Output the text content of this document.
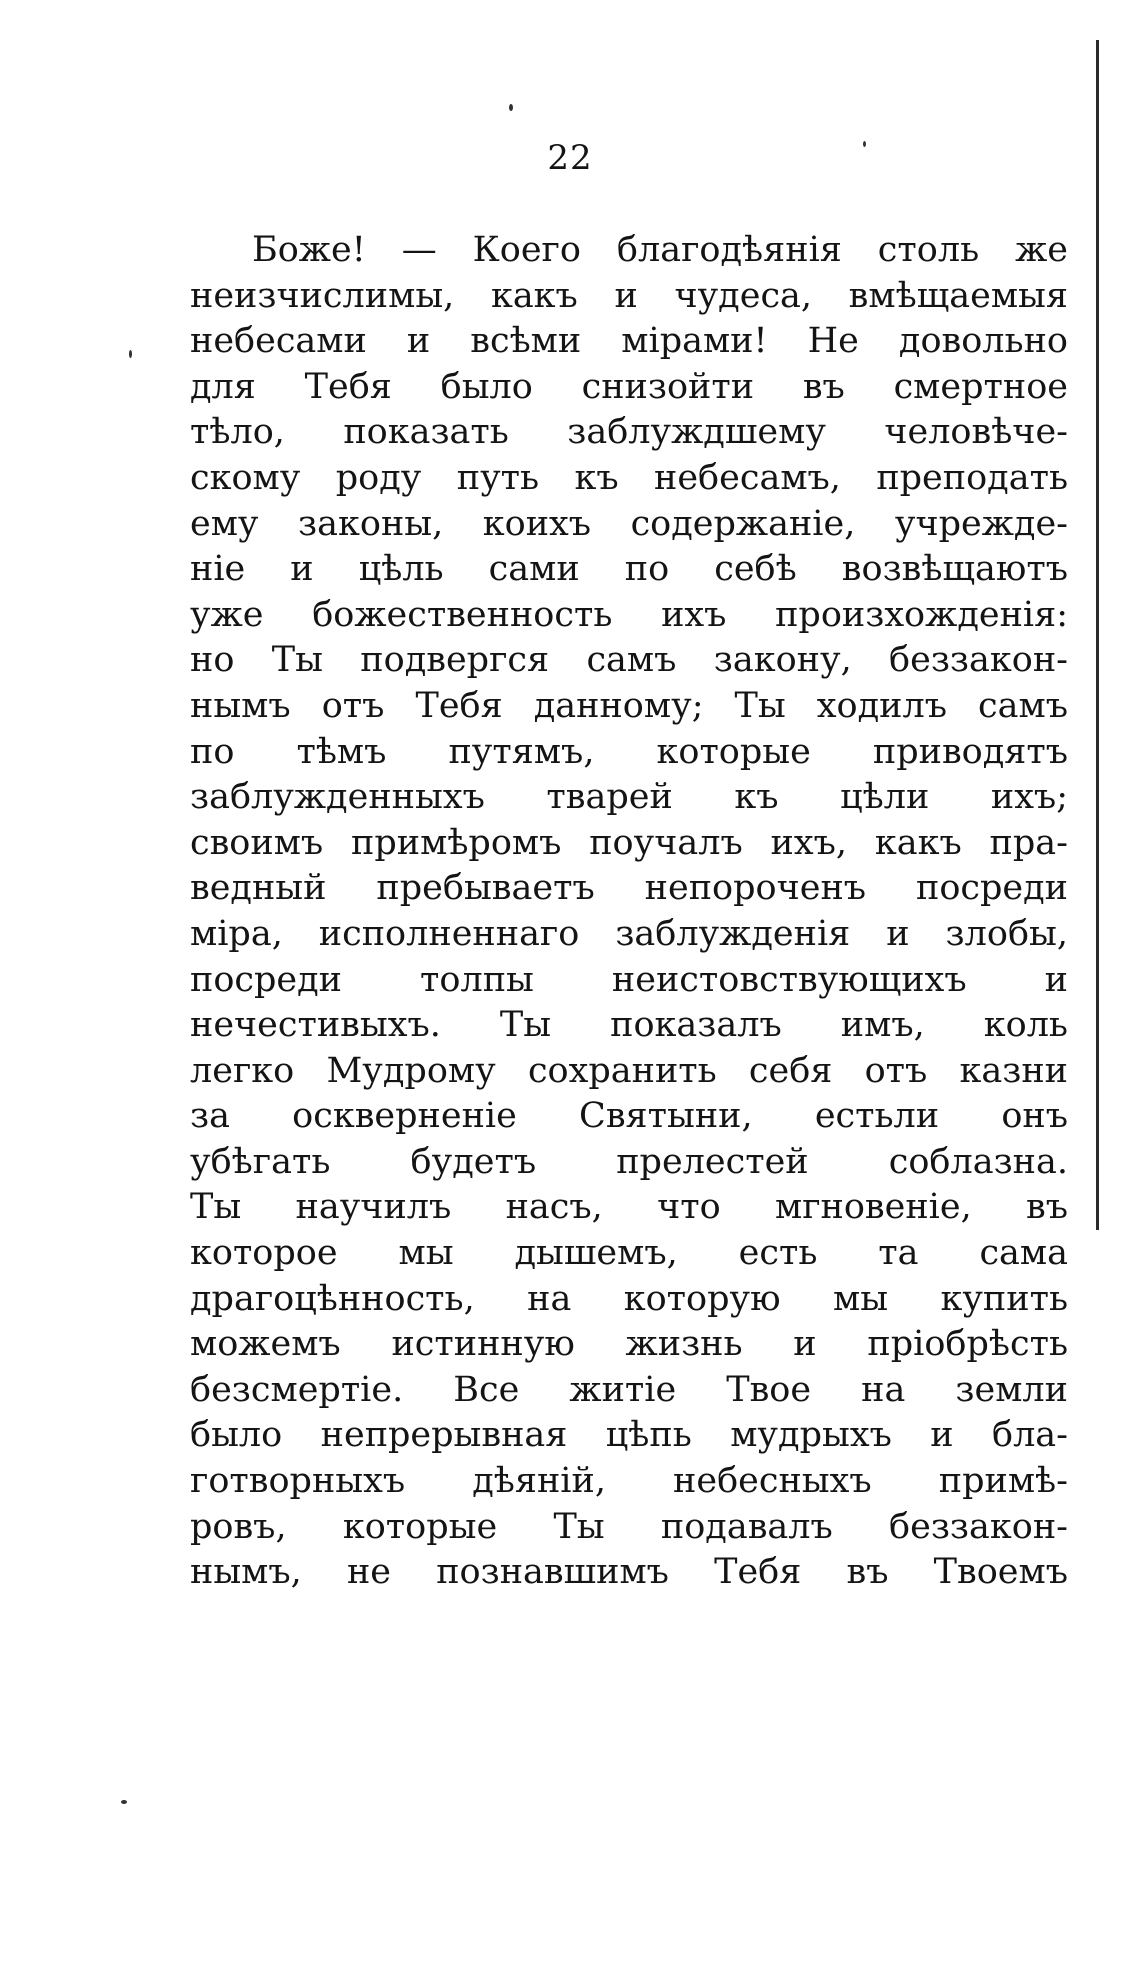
22
Боже! — Коего благодѣянія столь же
неизчислимы, какъ и чудеса, вмѣщаемыя
небесами и всѣми мірами! Не довольно
для Тебя было снизойти въ смертное
тѣло, показать заблуждшему человѣче-
скому роду путь къ небесамъ, преподать
ему законы, коихъ содержаніе, учрежде-
ніе и цѣль сами по себѣ возвѣщаютъ
уже божественность ихъ произхожденія:
но Ты подвергся самъ закону, беззакон-
нымъ отъ Тебя данному; Ты ходилъ самъ
по тѣмъ путямъ, которые приводятъ
заблужденныхъ тварей къ цѣли ихъ;
своимъ примѣромъ поучалъ ихъ, какъ пра-
ведный пребываетъ непороченъ посреди
міра, исполненнаго заблужденія и злобы,
посреди толпы неистовствующихъ и
нечестивыхъ. Ты показалъ имъ, коль
легко Мудрому сохранить себя отъ казни
за оскверненіе Святыни, естьли онъ
убѣгать будетъ прелестей соблазна.
Ты научилъ насъ, что мгновеніе, въ
которое мы дышемъ, есть та сама
драгоцѣнность, на которую мы купить
можемъ истинную жизнь и пріобрѣсть
безсмертіе. Все житіе Твое на земли
было непрерывная цѣпь мудрыхъ и бла-
готворныхъ дѣяній, небесныхъ примѣ-
ровъ, которые Ты подавалъ беззакон-
нымъ, не познавшимъ Тебя въ Твоемъ
